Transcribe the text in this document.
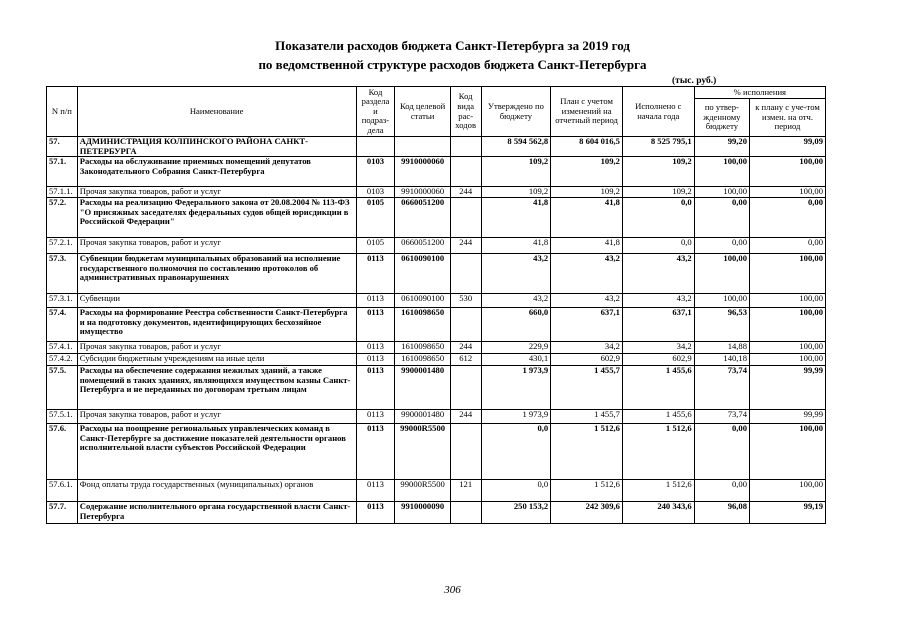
Показатели расходов бюджета Санкт-Петербурга за 2019 год
по ведомственной структуре расходов бюджета Санкт-Петербурга
(тыс. руб.)
N п/п	Наименование	Код раздела и подраз-дела	Код целевой статьи	Код вида рас-ходов	Утверждено по бюджету	План с учетом изменений на отчетный период	Исполнено с начала года	% исполнения	
								по утвер-жденному бюджету	к плану с уче-том измен. на отч. период
57.	АДМИНИСТРАЦИЯ КОЛПИНСКОГО РАЙОНА САНКТ-ПЕТЕРБУРГА				8 594 562,8	8 604 016,5	8 525 795,1	99,20	99,09
57.1.	Расходы на обслуживание приемных помещений депутатов Законодательного Собрания Санкт-Петербурга	0103	9910000060		109,2	109,2	109,2	100,00	100,00
57.1.1.	Прочая закупка товаров, работ и услуг	0103	9910000060	244	109,2	109,2	109,2	100,00	100,00
57.2.	Расходы на реализацию Федерального закона от 20.08.2004 № 113-ФЗ "О присяжных заседателях федеральных судов общей юрисдикции в Российской Федерации"	0105	0660051200		41,8	41,8	0,0	0,00	0,00
57.2.1.	Прочая закупка товаров, работ и услуг	0105	0660051200	244	41,8	41,8	0,0	0,00	0,00
57.3.	Субвенции бюджетам муниципальных образований на исполнение государственного полномочия по составлению протоколов об административных правонарушениях	0113	0610090100		43,2	43,2	43,2	100,00	100,00
57.3.1.	Субвенции	0113	0610090100	530	43,2	43,2	43,2	100,00	100,00
57.4.	Расходы на формирование Реестра собственности Санкт-Петербурга и на подготовку документов, идентифицирующих бесхозяйное имущество	0113	1610098650		660,0	637,1	637,1	96,53	100,00
57.4.1.	Прочая закупка товаров, работ и услуг	0113	1610098650	244	229,9	34,2	34,2	14,88	100,00
57.4.2.	Субсидии бюджетным учреждениям на иные цели	0113	1610098650	612	430,1	602,9	602,9	140,18	100,00
57.5.	Расходы на обеспечение содержания нежилых зданий, а также помещений в таких зданиях, являющихся имуществом казны Санкт-Петербурга и не переданных по договорам третьим лицам	0113	9900001480		1 973,9	1 455,7	1 455,6	73,74	99,99
57.5.1.	Прочая закупка товаров, работ и услуг	0113	9900001480	244	1 973,9	1 455,7	1 455,6	73,74	99,99
57.6.	Расходы на поощрение региональных управленческих команд в Санкт-Петербурге за достижение показателей деятельности органов исполнительной власти субъектов Российской Федерации	0113	99000R5500		0,0	1 512,6	1 512,6	0,00	100,00
57.6.1.	Фонд оплаты труда государственных (муниципальных) органов	0113	99000R5500	121	0,0	1 512,6	1 512,6	0,00	100,00
57.7.	Содержание исполнительного органа государственной власти Санкт-Петербурга	0113	9910000090		250 153,2	242 309,6	240 343,6	96,08	99,19
306
